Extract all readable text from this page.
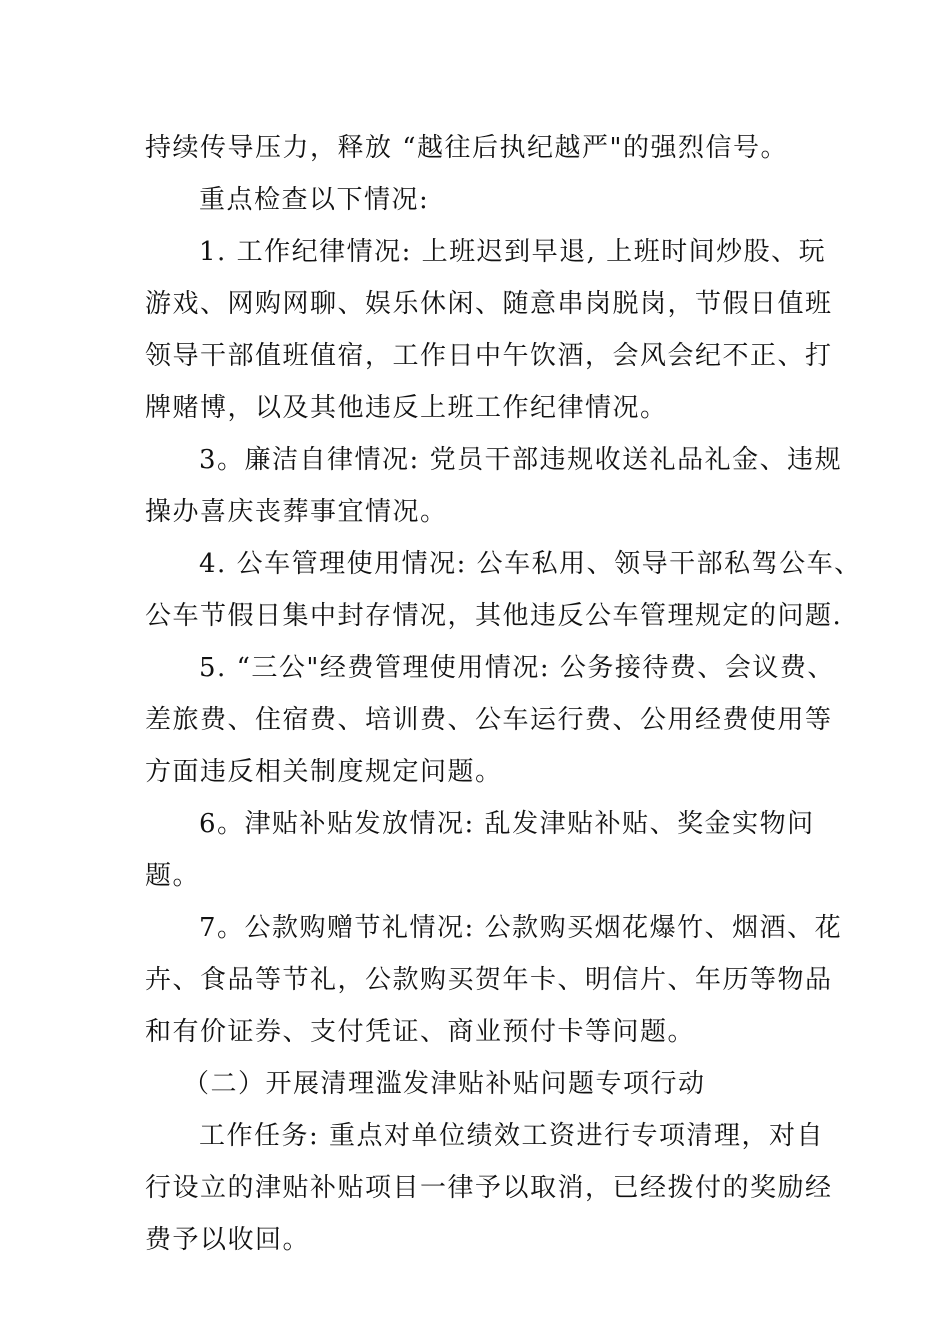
持续传导压力，释放 “越往后执纪越严"的强烈信号。
重点检查以下情况:
1. 工作纪律情况: 上班迟到早退, 上班时间炒股、玩
游戏、网购网聊、娱乐休闲、随意串岗脱岗，节假日值班
领导干部值班值宿，工作日中午饮酒，会风会纪不正、打
牌赌博，以及其他违反上班工作纪律情况。
3。廉洁自律情况: 党员干部违规收送礼品礼金、违规
操办喜庆丧葬事宜情况。
4. 公车管理使用情况: 公车私用、领导干部私驾公车、
公车节假日集中封存情况，其他违反公车管理规定的问题.
5. “三公"经费管理使用情况: 公务接待费、会议费、
差旅费、住宿费、培训费、公车运行费、公用经费使用等
方面违反相关制度规定问题。
6。津贴补贴发放情况: 乱发津贴补贴、奖金实物问
题。
7。公款购赠节礼情况: 公款购买烟花爆竹、烟酒、花
卉、食品等节礼，公款购买贺年卡、明信片、年历等物品
和有价证券、支付凭证、商业预付卡等问题。
（二）开展清理滥发津贴补贴问题专项行动
工作任务: 重点对单位绩效工资进行专项清理，对自
行设立的津贴补贴项目一律予以取消，已经拨付的奖励经
费予以收回。
